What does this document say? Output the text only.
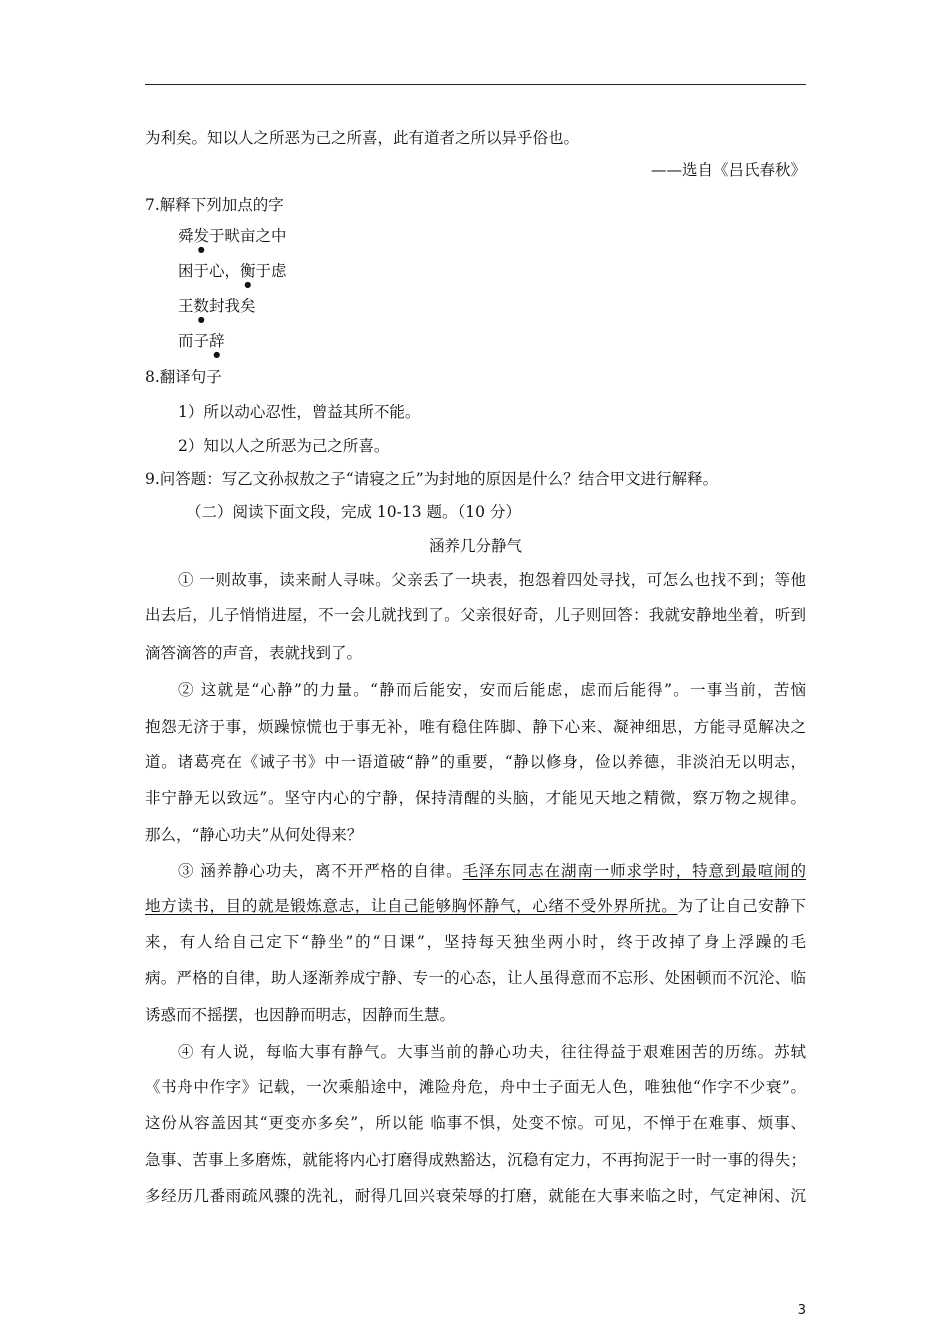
为利矣。知以人之所恶为己之所喜，此有道者之所以异乎俗也。
——选自《吕氏春秋》
7.解释下列加点的字
舜发于畎亩之中
困于心，衡于虑
王数封我矣
而子辞
8.翻译句子
1）所以动心忍性，曾益其所不能。
2）知以人之所恶为己之所喜。
9.问答题：写乙文孙叔敖之子“请寝之丘”为封地的原因是什么？结合甲文进行解释。
（二）阅读下面文段，完成 10-13 题。（10 分）
涵养几分静气
① 一则故事，读来耐人寻味。父亲丢了一块表，抱怨着四处寻找，可怎么也找不到；等他
出去后，儿子悄悄进屋，不一会儿就找到了。父亲很好奇，儿子则回答：我就安静地坐着，听到
滴答滴答的声音，表就找到了。
② 这就是“心静”的力量。“静而后能安，安而后能虑，虑而后能得”。一事当前，苦恼
抱怨无济于事，烦躁惊慌也于事无补，唯有稳住阵脚、静下心来、凝神细思，方能寻觅解决之
道。诸葛亮在《诫子书》中一语道破“静”的重要，“静以修身，俭以养德，非淡泊无以明志，
非宁静无以致远”。坚守内心的宁静，保持清醒的头脑，才能见天地之精微，察万物之规律。
那么，“静心功夫”从何处得来？
③ 涵养静心功夫，离不开严格的自律。毛泽东同志在湖南一师求学时，特意到最喧闹的
地方读书，目的就是锻炼意志，让自己能够胸怀静气，心绪不受外界所扰。为了让自己安静下
来，有人给自己定下“静坐”的“日课”，坚持每天独坐两小时，终于改掉了身上浮躁的毛
病。严格的自律，助人逐渐养成宁静、专一的心态，让人虽得意而不忘形、处困顿而不沉沦、临
诱惑而不摇摆，也因静而明志，因静而生慧。
④ 有人说，每临大事有静气。大事当前的静心功夫，往往得益于艰难困苦的历练。苏轼
《书舟中作字》记载，一次乘船途中，滩险舟危，舟中士子面无人色，唯独他“作字不少衰”。
这份从容盖因其“更变亦多矣”，所以能 临事不惧，处变不惊。可见，不惮于在难事、烦事、
急事、苦事上多磨炼，就能将内心打磨得成熟豁达，沉稳有定力，不再拘泥于一时一事的得失；
多经历几番雨疏风骤的洗礼，耐得几回兴衰荣辱的打磨，就能在大事来临之时，气定神闲、沉
3
